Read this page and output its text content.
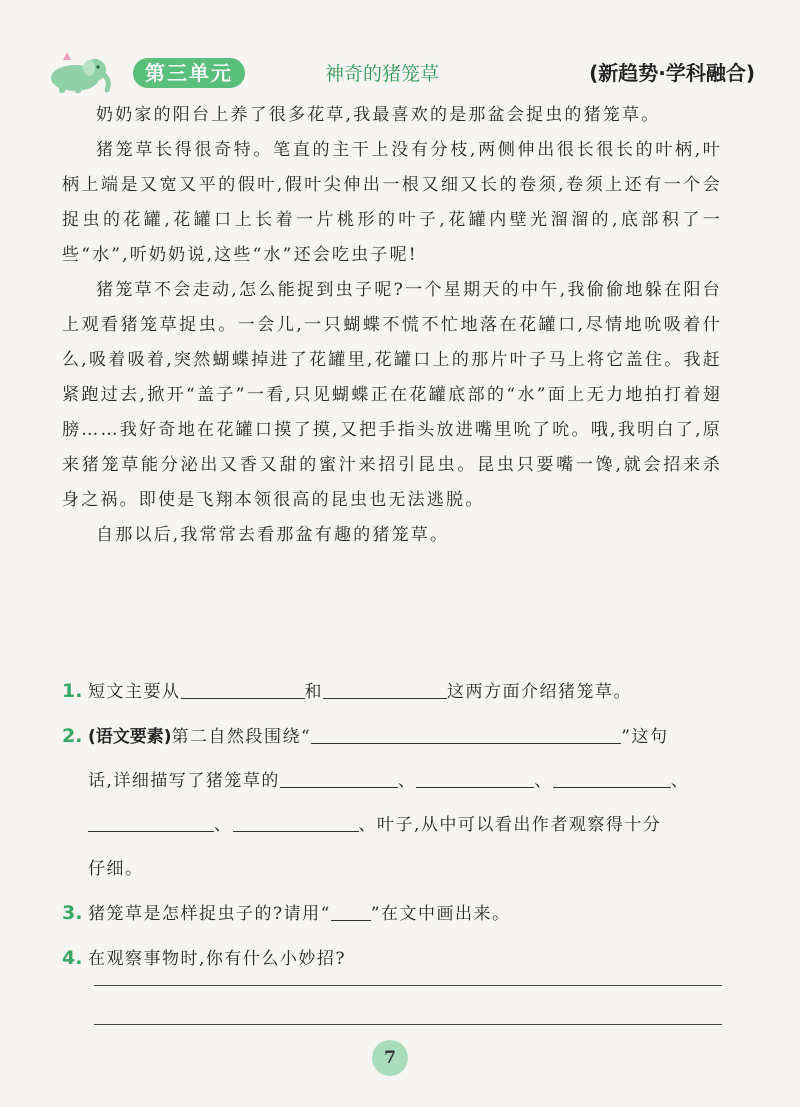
第三单元	神奇的猪笼草	(新趋势·学科融合)

奶奶家的阳台上养了很多花草,我最喜欢的是那盆会捉虫的猪笼草。

猪笼草长得很奇特。笔直的主干上没有分枝,两侧伸出很长很长的叶柄,叶柄上端是又宽又平的假叶,假叶尖伸出一根又细又长的卷须,卷须上还有一个会捉虫的花罐,花罐口上长着一片桃形的叶子,花罐内壁光溜溜的,底部积了一些“水”,听奶奶说,这些“水”还会吃虫子呢!

猪笼草不会走动,怎么能捉到虫子呢?一个星期天的中午,我偷偷地躲在阳台上观看猪笼草捉虫。一会儿,一只蝴蝶不慌不忙地落在花罐口,尽情地吮吸着什么,吸着吸着,突然蝴蝶掉进了花罐里,花罐口上的那片叶子马上将它盖住。我赶紧跑过去,掀开“盖子”一看,只见蝴蝶正在花罐底部的“水”面上无力地拍打着翅膀……我好奇地在花罐口摸了摸,又把手指头放进嘴里吮了吮。哦,我明白了,原来猪笼草能分泌出又香又甜的蜜汁来招引昆虫。昆虫只要嘴一馋,就会招来杀身之祸。即使是飞翔本领很高的昆虫也无法逃脱。

自那以后,我常常去看那盆有趣的猪笼草。

1. 短文主要从	和	这两方面介绍猪笼草。
2. (语文要素)第二自然段围绕“	”这句
话,详细描写了猪笼草的	、	、	、
、	、叶子,从中可以看出作者观察得十分
仔细。
3. 猪笼草是怎样捉虫子的?请用“ ”在文中画出来。
4. 在观察事物时,你有什么小妙招?
7
